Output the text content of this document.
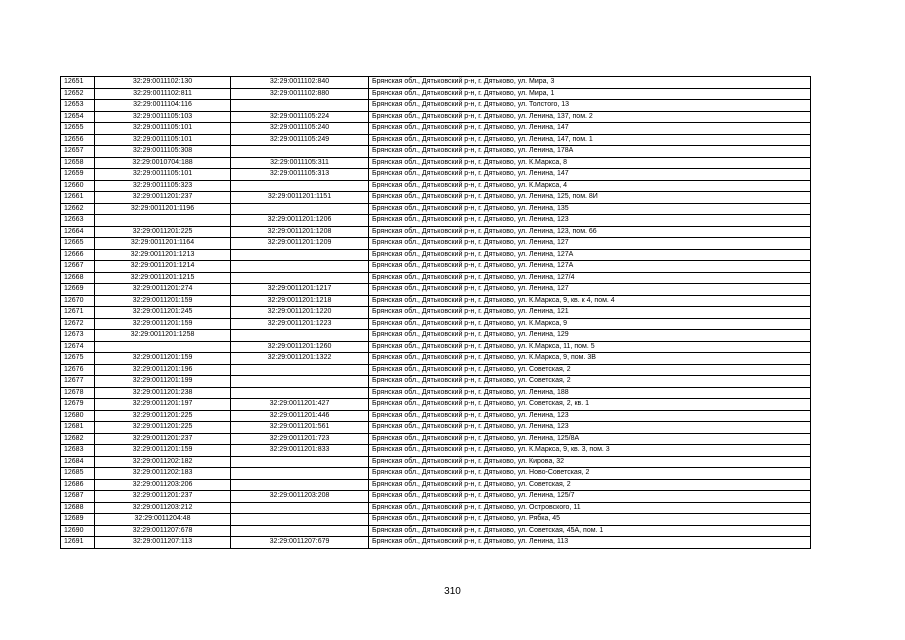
12651	32:29:0011102:130	32:29:0011102:840	Брянская обл., Дятьковский р-н, г. Дятьково, ул. Мира, 3
12652	32:29:0011102:811	32:29:0011102:880	Брянская обл., Дятьковский р-н, г. Дятьково, ул. Мира, 1
12653	32:29:0011104:116		Брянская обл., Дятьковский р-н, г. Дятьково, ул. Толстого, 13
12654	32:29:0011105:103	32:29:0011105:224	Брянская обл., Дятьковский р-н, г. Дятьково, ул. Ленина, 137, пом. 2
12655	32:29:0011105:101	32:29:0011105:240	Брянская обл., Дятьковский р-н, г. Дятьково, ул. Ленина, 147
12656	32:29:0011105:101	32:29:0011105:249	Брянская обл., Дятьковский р-н, г. Дятьково, ул. Ленина, 147, пом. 1
12657	32:29:0011105:308		Брянская обл., Дятьковский р-н, г. Дятьково, ул. Ленина, 178А
12658	32:29:0010704:188	32:29:0011105:311	Брянская обл., Дятьковский р-н, г. Дятьково, ул. К.Маркса, 8
12659	32:29:0011105:101	32:29:0011105:313	Брянская обл., Дятьковский р-н, г. Дятьково, ул. Ленина, 147
12660	32:29:0011105:323		Брянская обл., Дятьковский р-н, г. Дятьково, ул. К.Маркса, 4
12661	32:29:0011201:237	32:29:0011201:1151	Брянская обл., Дятьковский р-н, г. Дятьково, ул. Ленина, 125, пом. 8И
12662	32:29:0011201:1196		Брянская обл., Дятьковский р-н, г. Дятьково, ул. Ленина, 135
12663		32:29:0011201:1206	Брянская обл., Дятьковский р-н, г. Дятьково, ул. Ленина, 123
12664	32:29:0011201:225	32:29:0011201:1208	Брянская обл., Дятьковский р-н, г. Дятьково, ул. Ленина, 123, пом. 66
12665	32:29:0011201:1164	32:29:0011201:1209	Брянская обл., Дятьковский р-н, г. Дятьково, ул. Ленина, 127
12666	32:29:0011201:1213		Брянская обл., Дятьковский р-н, г. Дятьково, ул. Ленина, 127А
12667	32:29:0011201:1214		Брянская обл., Дятьковский р-н, г. Дятьково, ул. Ленина, 127А
12668	32:29:0011201:1215		Брянская обл., Дятьковский р-н, г. Дятьково, ул. Ленина, 127/4
12669	32:29:0011201:274	32:29:0011201:1217	Брянская обл., Дятьковский р-н, г. Дятьково, ул. Ленина, 127
12670	32:29:0011201:159	32:29:0011201:1218	Брянская обл., Дятьковский р-н, г. Дятьково, ул. К.Маркса, 9, кв. к 4, пом. 4
12671	32:29:0011201:245	32:29:0011201:1220	Брянская обл., Дятьковский р-н, г. Дятьково, ул. Ленина, 121
12672	32:29:0011201:159	32:29:0011201:1223	Брянская обл., Дятьковский р-н, г. Дятьково, ул. К.Маркса, 9
12673	32:29:0011201:1258		Брянская обл., Дятьковский р-н, г. Дятьково, ул. Ленина, 129
12674		32:29:0011201:1260	Брянская обл., Дятьковский р-н, г. Дятьково, ул. К.Маркса, 11, пом. 5
12675	32:29:0011201:159	32:29:0011201:1322	Брянская обл., Дятьковский р-н, г. Дятьково, ул. К.Маркса, 9, пом. 3В
12676	32:29:0011201:196		Брянская обл., Дятьковский р-н, г. Дятьково, ул. Советская, 2
12677	32:29:0011201:199		Брянская обл., Дятьковский р-н, г. Дятьково, ул. Советская, 2
12678	32:29:0011201:238		Брянская обл., Дятьковский р-н, г. Дятьково, ул. Ленина, 188
12679	32:29:0011201:197	32:29:0011201:427	Брянская обл., Дятьковский р-н, г. Дятьково, ул. Советская, 2, кв. 1
12680	32:29:0011201:225	32:29:0011201:446	Брянская обл., Дятьковский р-н, г. Дятьково, ул. Ленина, 123
12681	32:29:0011201:225	32:29:0011201:561	Брянская обл., Дятьковский р-н, г. Дятьково, ул. Ленина, 123
12682	32:29:0011201:237	32:29:0011201:723	Брянская обл., Дятьковский р-н, г. Дятьково, ул. Ленина, 125/8А
12683	32:29:0011201:159	32:29:0011201:833	Брянская обл., Дятьковский р-н, г. Дятьково, ул. К.Маркса, 9, кв. 3, пом. 3
12684	32:29:0011202:182		Брянская обл., Дятьковский р-н, г. Дятьково, ул. Кирова, 32
12685	32:29:0011202:183		Брянская обл., Дятьковский р-н, г. Дятьково, ул. Ново-Советская, 2
12686	32:29:0011203:206		Брянская обл., Дятьковский р-н, г. Дятьково, ул. Советская, 2
12687	32:29:0011201:237	32:29:0011203:208	Брянская обл., Дятьковский р-н, г. Дятьково, ул. Ленина, 125/7
12688	32:29:0011203:212		Брянская обл., Дятьковский р-н, г. Дятьково, ул. Островского, 11
12689	32:29:0011204:48		Брянская обл., Дятьковский р-н, г. Дятьково, ул. Рябка, 45
12690	32:29:0011207:678		Брянская обл., Дятьковский р-н, г. Дятьково, ул. Советская, 45А, пом. 1
12691	32:29:0011207:113	32:29:0011207:679	Брянская обл., Дятьковский р-н, г. Дятьково, ул. Ленина, 113
310
